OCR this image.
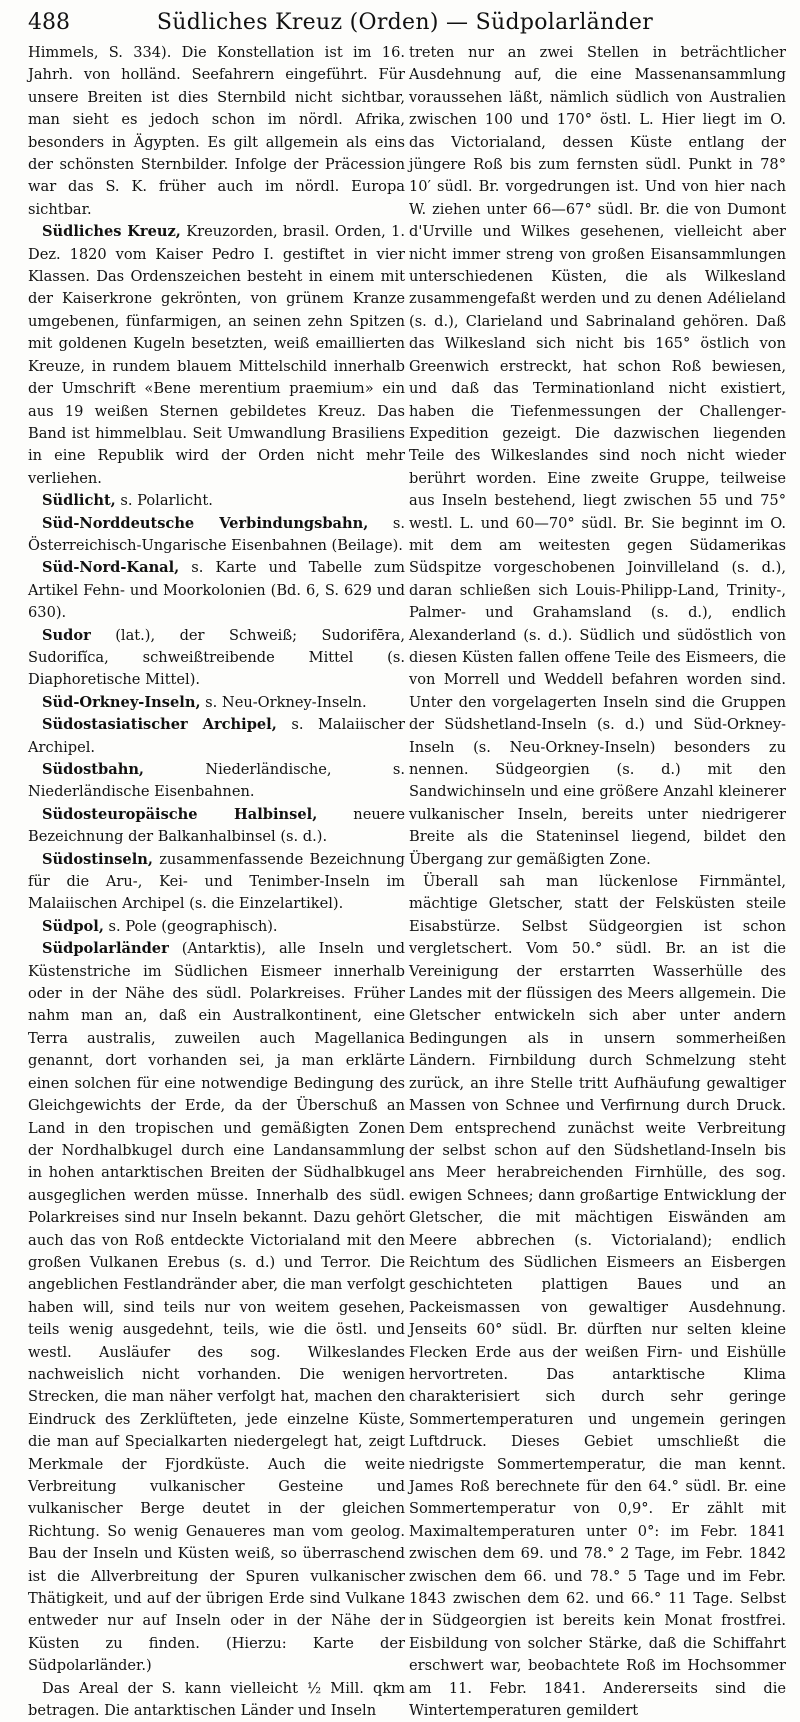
488	Südliches Kreuz (Orden) — Südpolarländer

Himmels, S. 334). Die Konstellation ist im 16. Jahrh. von holländ. Seefahrern eingeführt. Für unsere Breiten ist dies Sternbild nicht sichtbar, man sieht es jedoch schon im nördl. Afrika, besonders in Ägypten. Es gilt allgemein als eins der schönsten Sternbilder. Infolge der Präcession war das S. K. früher auch im nördl. Europa sichtbar.

Südliches Kreuz, Kreuzorden, brasil. Orden, 1. Dez. 1820 vom Kaiser Pedro I. gestiftet in vier Klassen. Das Ordenszeichen besteht in einem mit der Kaiserkrone gekrönten, von grünem Kranze umgebenen, fünfarmigen, an seinen zehn Spitzen mit goldenen Kugeln besetzten, weiß emaillierten Kreuze, in rundem blauem Mittelschild innerhalb der Umschrift «Bene merentium praemium» ein aus 19 weißen Sternen gebildetes Kreuz. Das Band ist himmelblau. Seit Umwandlung Brasiliens in eine Republik wird der Orden nicht mehr verliehen.

Südlicht, s. Polarlicht.

Süd-Norddeutsche Verbindungsbahn, s. Österreichisch-Ungarische Eisenbahnen (Beilage).

Süd-Nord-Kanal, s. Karte und Tabelle zum Artikel Fehn- und Moorkolonien (Bd. 6, S. 629 und 630).

Sudor (lat.), der Schweiß; Sudorifēra, Sudorifĭca, schweißtreibende Mittel (s. Diaphoretische Mittel).

Süd-Orkney-Inseln, s. Neu-Orkney-Inseln.

Südostasiatischer Archipel, s. Malaiischer Archipel.

Südostbahn, Niederländische, s. Niederländische Eisenbahnen.

Südosteuropäische Halbinsel, neuere Bezeichnung der Balkanhalbinsel (s. d.).

Südostinseln, zusammenfassende Bezeichnung für die Aru-, Kei- und Tenimber-Inseln im Malaiischen Archipel (s. die Einzelartikel).

Südpol, s. Pole (geographisch).

Südpolarländer (Antarktis), alle Inseln und Küstenstriche im Südlichen Eismeer innerhalb oder in der Nähe des südl. Polarkreises. Früher nahm man an, daß ein Australkontinent, eine Terra australis, zuweilen auch Magellanica genannt, dort vorhanden sei, ja man erklärte einen solchen für eine notwendige Bedingung des Gleichgewichts der Erde, da der Überschuß an Land in den tropischen und gemäßigten Zonen der Nordhalbkugel durch eine Landansammlung in hohen antarktischen Breiten der Südhalbkugel ausgeglichen werden müsse. Innerhalb des südl. Polarkreises sind nur Inseln bekannt. Dazu gehört auch das von Roß entdeckte Victorialand mit den großen Vulkanen Erebus (s. d.) und Terror. Die angeblichen Festlandränder aber, die man verfolgt haben will, sind teils nur von weitem gesehen, teils wenig ausgedehnt, teils, wie die östl. und westl. Ausläufer des sog. Wilkeslandes nachweislich nicht vorhanden. Die wenigen Strecken, die man näher verfolgt hat, machen den Eindruck des Zerklüfteten, jede einzelne Küste, die man auf Specialkarten niedergelegt hat, zeigt Merkmale der Fjordküste. Auch die weite Verbreitung vulkanischer Gesteine und vulkanischer Berge deutet in der gleichen Richtung. So wenig Genaueres man vom geolog. Bau der Inseln und Küsten weiß, so überraschend ist die Allverbreitung der Spuren vulkanischer Thätigkeit, und auf der übrigen Erde sind Vulkane entweder nur auf Inseln oder in der Nähe der Küsten zu finden. (Hierzu: Karte der Südpolarländer.)

Das Areal der S. kann vielleicht ½ Mill. qkm betragen. Die antarktischen Länder und Inseln

treten nur an zwei Stellen in beträchtlicher Ausdehnung auf, die eine Massenansammlung voraussehen läßt, nämlich südlich von Australien zwischen 100 und 170° östl. L. Hier liegt im O. das Victorialand, dessen Küste entlang der jüngere Roß bis zum fernsten südl. Punkt in 78° 10′ südl. Br. vorgedrungen ist. Und von hier nach W. ziehen unter 66—67° südl. Br. die von Dumont d'Urville und Wilkes gesehenen, vielleicht aber nicht immer streng von großen Eisansammlungen unterschiedenen Küsten, die als Wilkesland zusammengefaßt werden und zu denen Adélieland (s. d.), Clarieland und Sabrinaland gehören. Daß das Wilkesland sich nicht bis 165° östlich von Greenwich erstreckt, hat schon Roß bewiesen, und daß das Terminationland nicht existiert, haben die Tiefenmessungen der Challenger-Expedition gezeigt. Die dazwischen liegenden Teile des Wilkeslandes sind noch nicht wieder berührt worden. Eine zweite Gruppe, teilweise aus Inseln bestehend, liegt zwischen 55 und 75° westl. L. und 60—70° südl. Br. Sie beginnt im O. mit dem am weitesten gegen Südamerikas Südspitze vorgeschobenen Joinvilleland (s. d.), daran schließen sich Louis-Philipp-Land, Trinity-, Palmer- und Grahamsland (s. d.), endlich Alexanderland (s. d.). Südlich und südöstlich von diesen Küsten fallen offene Teile des Eismeers, die von Morrell und Weddell befahren worden sind. Unter den vorgelagerten Inseln sind die Gruppen der Südshetland-Inseln (s. d.) und Süd-Orkney-Inseln (s. Neu-Orkney-Inseln) besonders zu nennen. Südgeorgien (s. d.) mit den Sandwichinseln und eine größere Anzahl kleinerer vulkanischer Inseln, bereits unter niedrigerer Breite als die Stateninsel liegend, bildet den Übergang zur gemäßigten Zone.

Überall sah man lückenlose Firnmäntel, mächtige Gletscher, statt der Felsküsten steile Eisabstürze. Selbst Südgeorgien ist schon vergletschert. Vom 50.° südl. Br. an ist die Vereinigung der erstarrten Wasserhülle des Landes mit der flüssigen des Meers allgemein. Die Gletscher entwickeln sich aber unter andern Bedingungen als in unsern sommerheißen Ländern. Firnbildung durch Schmelzung steht zurück, an ihre Stelle tritt Aufhäufung gewaltiger Massen von Schnee und Verfirnung durch Druck. Dem entsprechend zunächst weite Verbreitung der selbst schon auf den Südshetland-Inseln bis ans Meer herabreichenden Firnhülle, des sog. ewigen Schnees; dann großartige Entwicklung der Gletscher, die mit mächtigen Eiswänden am Meere abbrechen (s. Victorialand); endlich Reichtum des Südlichen Eismeers an Eisbergen geschichteten plattigen Baues und an Packeismassen von gewaltiger Ausdehnung. Jenseits 60° südl. Br. dürften nur selten kleine Flecken Erde aus der weißen Firn- und Eishülle hervortreten. Das antarktische Klima charakterisiert sich durch sehr geringe Sommertemperaturen und ungemein geringen Luftdruck. Dieses Gebiet umschließt die niedrigste Sommertemperatur, die man kennt. James Roß berechnete für den 64.° südl. Br. eine Sommertemperatur von 0,9°. Er zählt mit Maximaltemperaturen unter 0°: im Febr. 1841 zwischen dem 69. und 78.° 2 Tage, im Febr. 1842 zwischen dem 66. und 78.° 5 Tage und im Febr. 1843 zwischen dem 62. und 66.° 11 Tage. Selbst in Südgeorgien ist bereits kein Monat frostfrei. Eisbildung von solcher Stärke, daß die Schiffahrt erschwert war, beobachtete Roß im Hochsommer am 11. Febr. 1841. Andererseits sind die Wintertemperaturen gemildert
